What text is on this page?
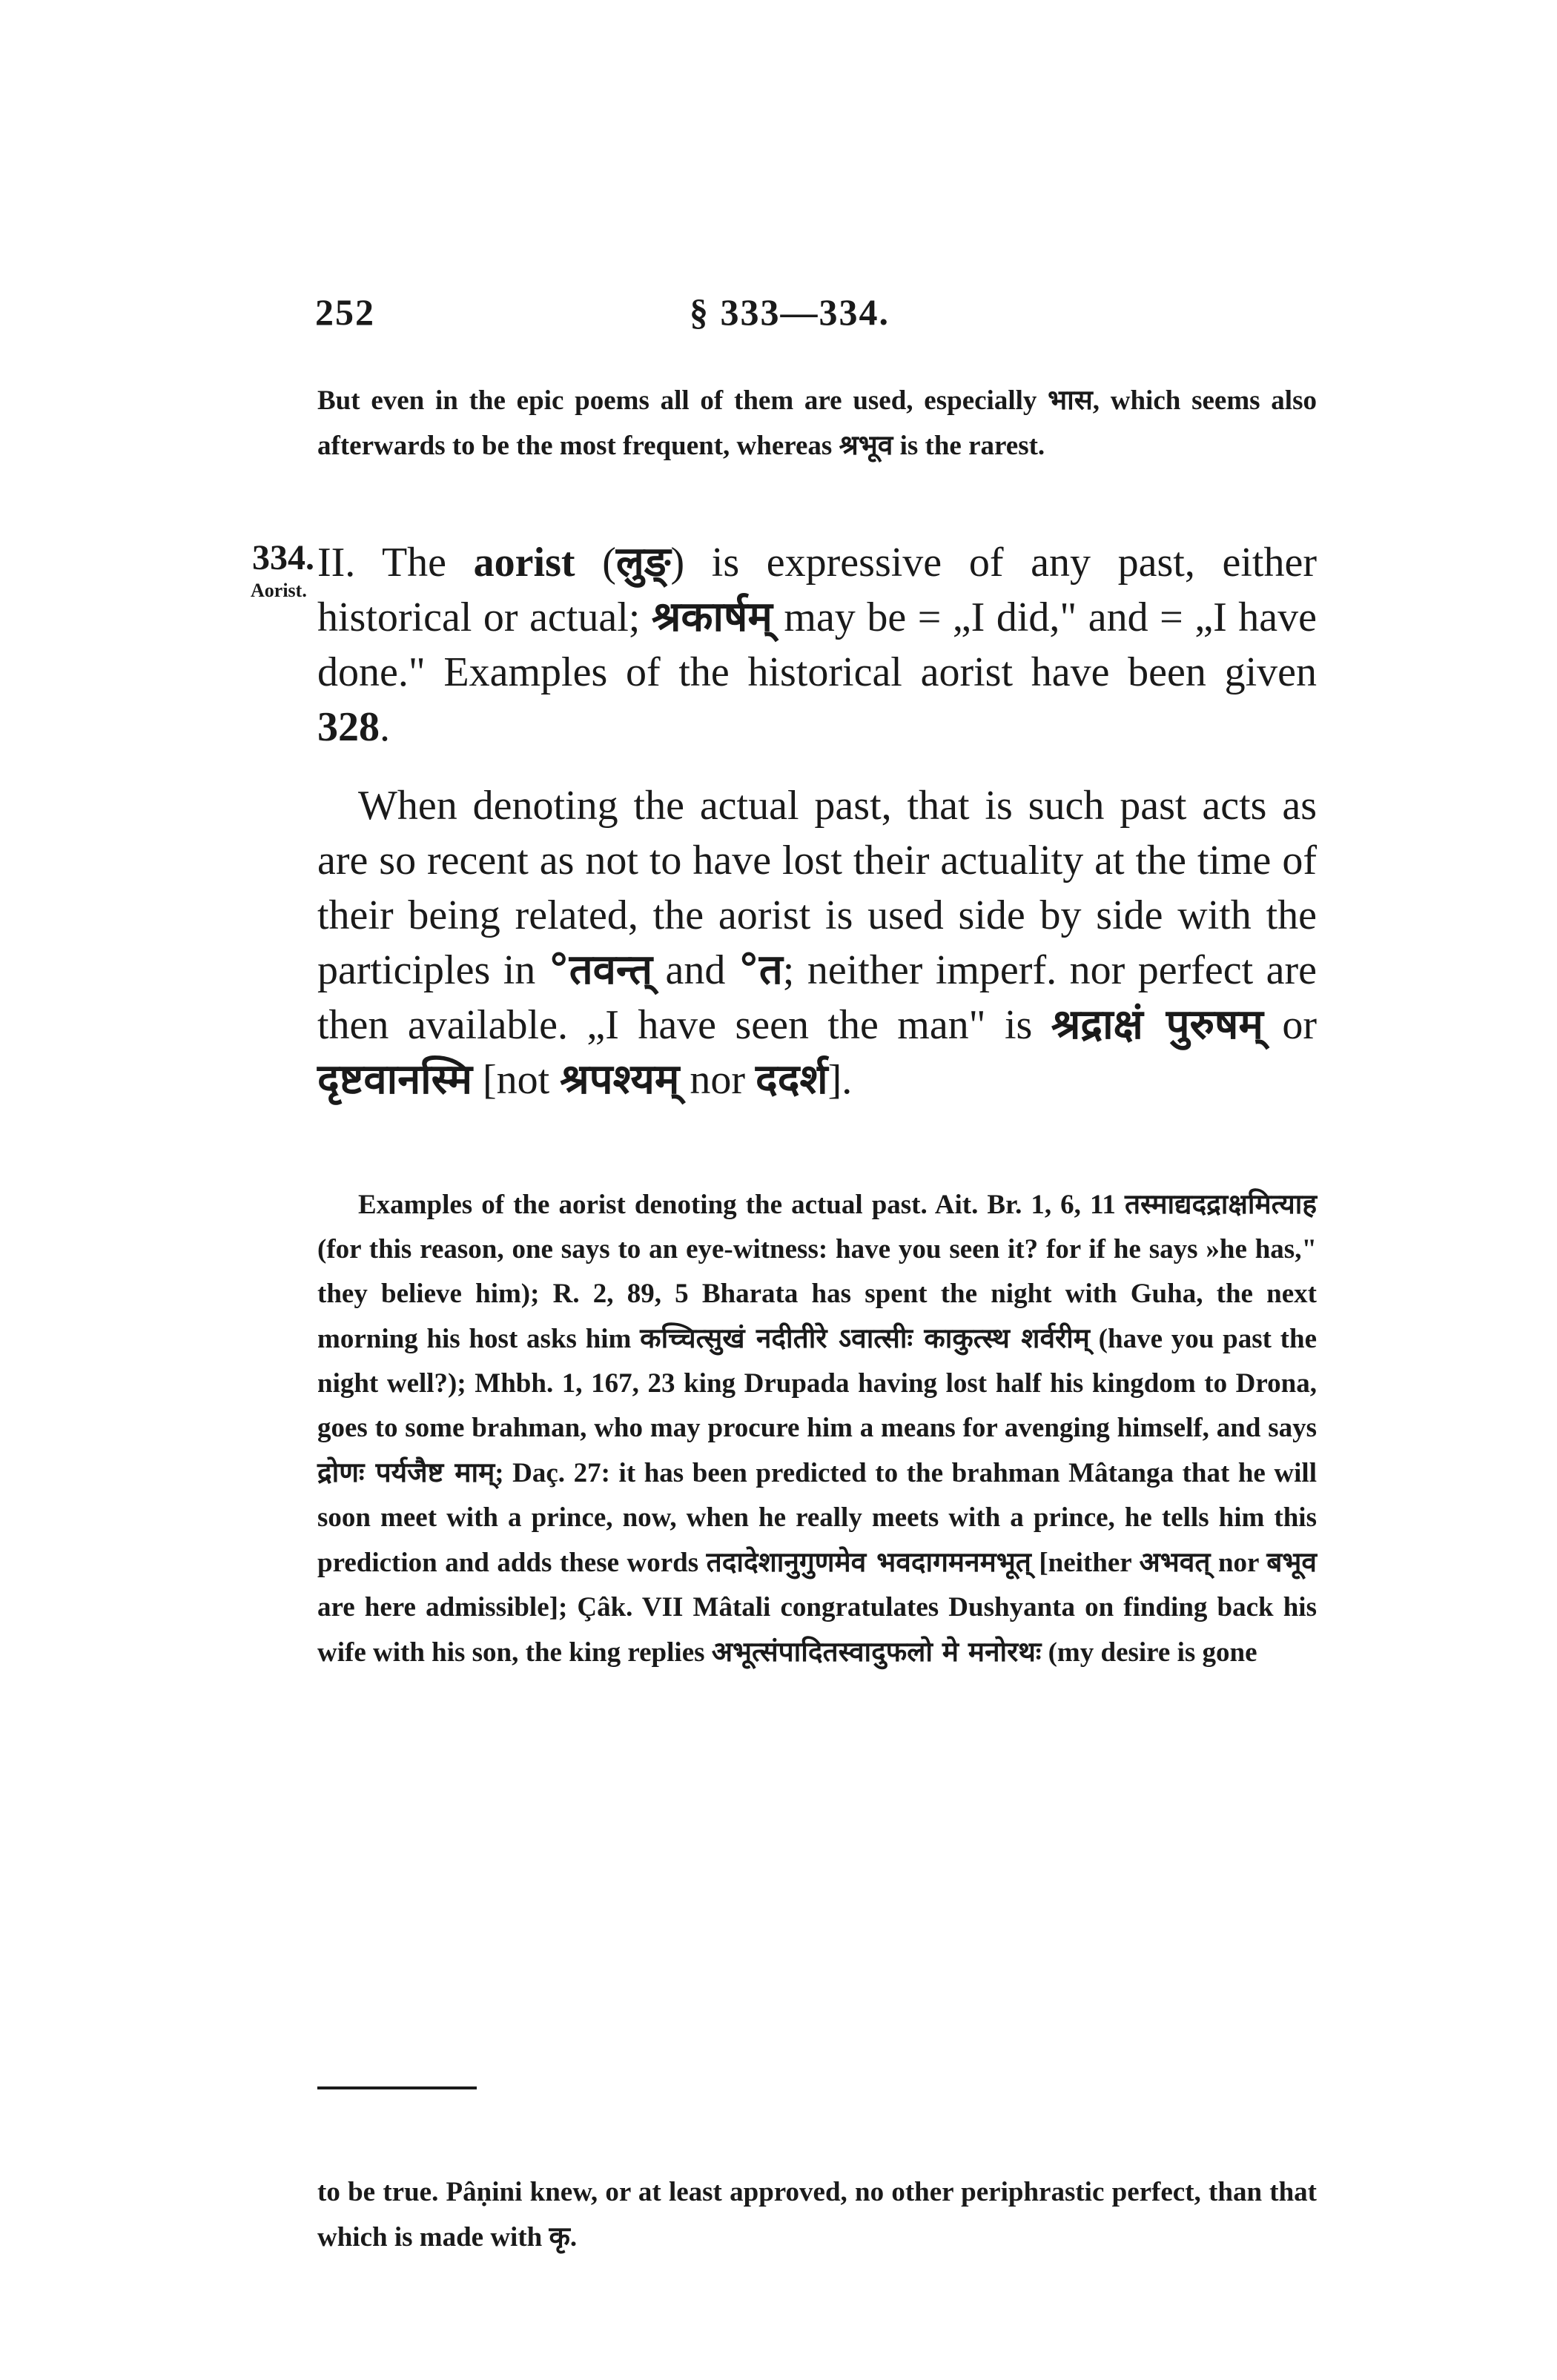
252	§ 333—334.
But even in the epic poems all of them are used, especially भास, which seems also afterwards to be the most frequent, whereas श्रभूव is the rarest.
334.
Aorist.
II. The aorist (लुङ्) is expressive of any past, either historical or actual; श्रकार्षम् may be = „I did," and = „I have done." Examples of the historical aorist have been given 328.
When denoting the actual past, that is such past acts as are so recent as not to have lost their actuality at the time of their being related, the aorist is used side by side with the participles in °तवन्त् and °त; neither imperf. nor perfect are then available. „I have seen the man" is श्रद्राक्षं पुरुषम् or दृष्टवानस्मि [not श्रपश्यम् nor ददर्श].
Examples of the aorist denoting the actual past. Ait. Br. 1, 6, 11 तस्माद्यदद्राक्षमित्याह (for this reason, one says to an eye-witness: have you seen it? for if he says »he has," they believe him); R. 2, 89, 5 Bharata has spent the night with Guha, the next morning his host asks him कच्चित्सुखं नदीतीरे ऽवात्सीः काकुत्स्थ शर्वरीम् (have you past the night well?); Mhbh. 1, 167, 23 king Drupada having lost half his kingdom to Drona, goes to some brahman, who may procure him a means for avenging himself, and says द्रोणः पर्यजैष्ट माम्; Daç. 27: it has been predicted to the brahman Mâtanga that he will soon meet with a prince, now, when he really meets with a prince, he tells him this prediction and adds these words तदादेशानुगुणमेव भवदागमनमभूत् [neither अभवत् nor बभूव are here admissible]; Çâk. VII Mâtali congratulates Dushyanta on finding back his wife with his son, the king replies अभूत्संपादितस्वादुफलो मे मनोरथः (my desire is gone
to be true. Pâṇini knew, or at least approved, no other periphrastic perfect, than that which is made with कृ.
